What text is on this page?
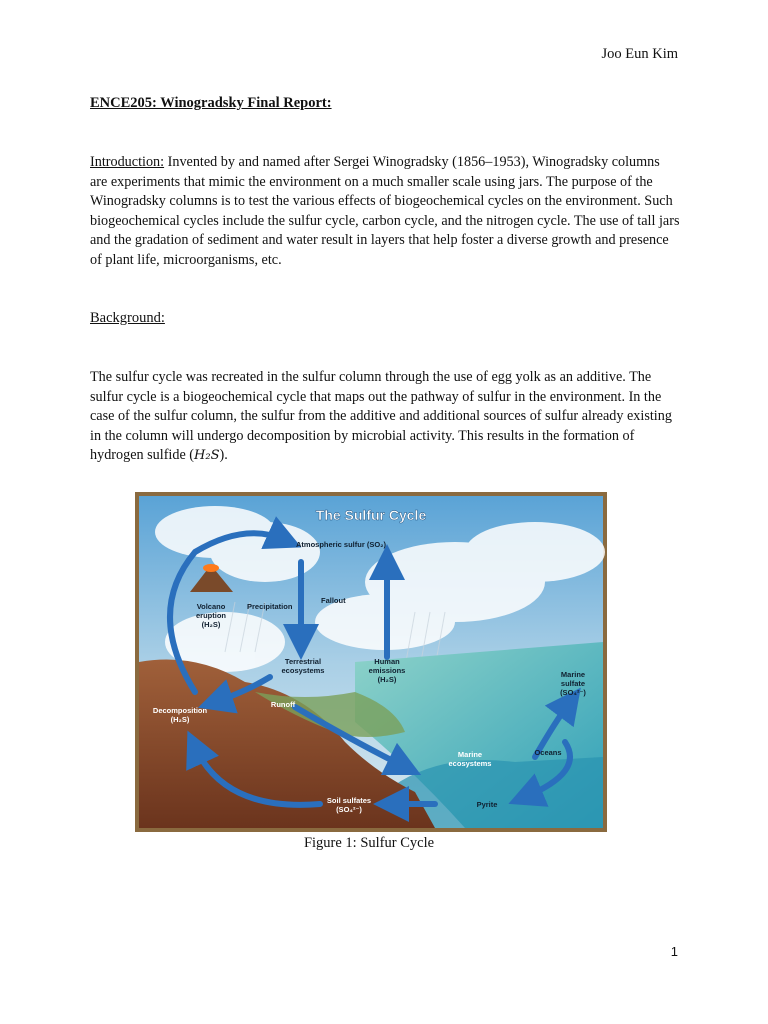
Joo Eun Kim
ENCE205: Winogradsky Final Report:
Introduction: Invented by and named after Sergei Winogradsky (1856–1953), Winogradsky columns are experiments that mimic the environment on a much smaller scale using jars. The purpose of the Winogradsky columns is to test the various effects of biogeochemical cycles on the environment. Such biogeochemical cycles include the sulfur cycle, carbon cycle, and the nitrogen cycle. The use of tall jars and the gradation of sediment and water result in layers that help foster a diverse growth and presence of plant life, microorganisms, etc.
Background:
The sulfur cycle was recreated in the sulfur column through the use of egg yolk as an additive. The sulfur cycle is a biogeochemical cycle that maps out the pathway of sulfur in the environment. In the case of the sulfur column, the sulfur from the additive and additional sources of sulfur already existing in the column will undergo decomposition by microbial activity. This results in the formation of hydrogen sulfide (H₂S).
The Sulfur Cycle
Atmospheric sulfur (SO₂)
Fallout
Precipitation
Volcano
eruption
(H₂S)
Terrestrial
ecosystems
Human
emissions
(H₂S)
Marine
sulfate
(SO₄²⁻)
Decomposition
(H₂S)
Runoff
Marine
ecosystems
Oceans
Soil sulfates
(SO₄²⁻)
Pyrite
Figure 1: Sulfur Cycle
1
